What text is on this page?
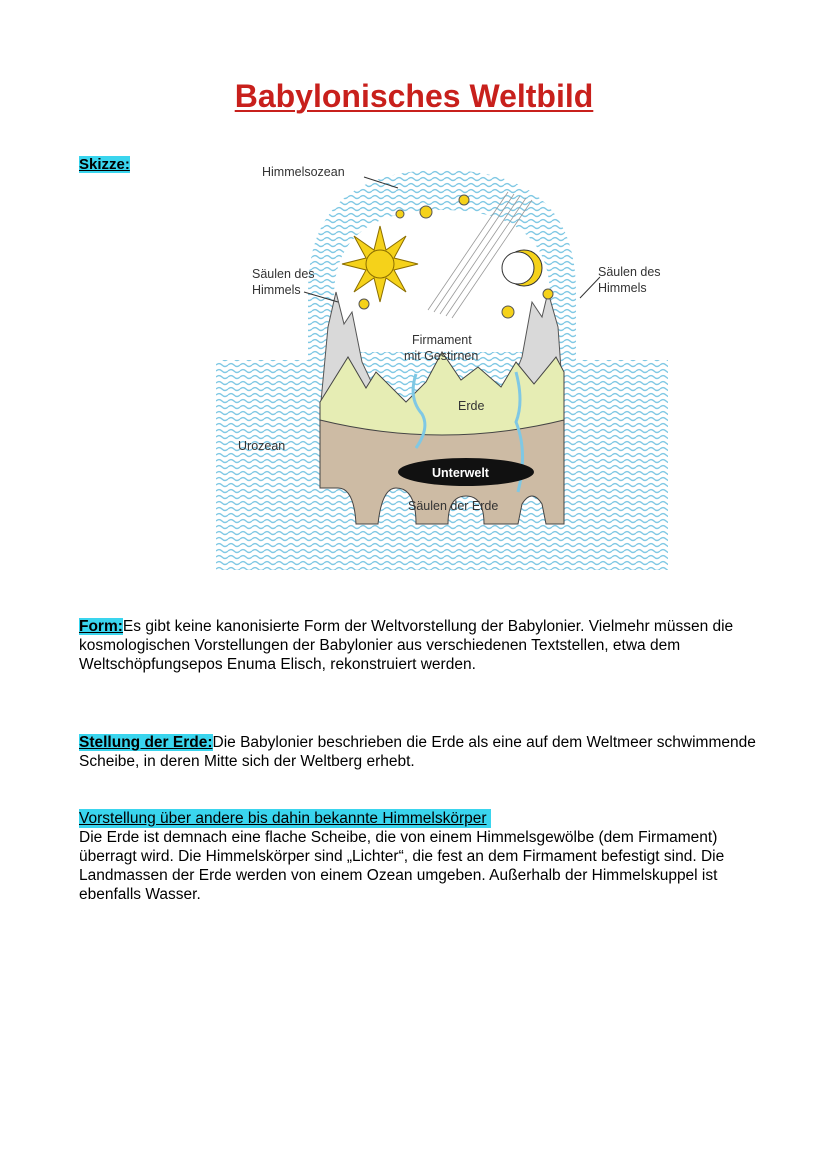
Babylonisches Weltbild
Skizze:	Himmelsozean
Säulen des
Himmels
Säulen des
Himmels
Firmament
mit Gestirnen
Erde
Urozean
Unterwelt
Säulen der Erde

Form:Es gibt keine kanonisierte Form der Weltvorstellung der Babylonier. Vielmehr müssen die kosmologischen Vorstellungen der Babylonier aus verschiedenen Textstellen, etwa dem Weltschöpfungsepos Enuma Elisch, rekonstruiert werden.

Stellung der Erde:Die Babylonier beschrieben die Erde als eine auf dem Weltmeer schwimmende Scheibe, in deren Mitte sich der Weltberg erhebt.

Vorstellung über andere bis dahin bekannte Himmelskörper

Die Erde ist demnach eine flache Scheibe, die von einem Himmelsgewölbe (dem Firmament) überragt wird. Die Himmelskörper sind „Lichter“, die fest an dem Firmament befestigt sind. Die Landmassen der Erde werden von einem Ozean umgeben. Außerhalb der Himmelskuppel ist ebenfalls Wasser.
